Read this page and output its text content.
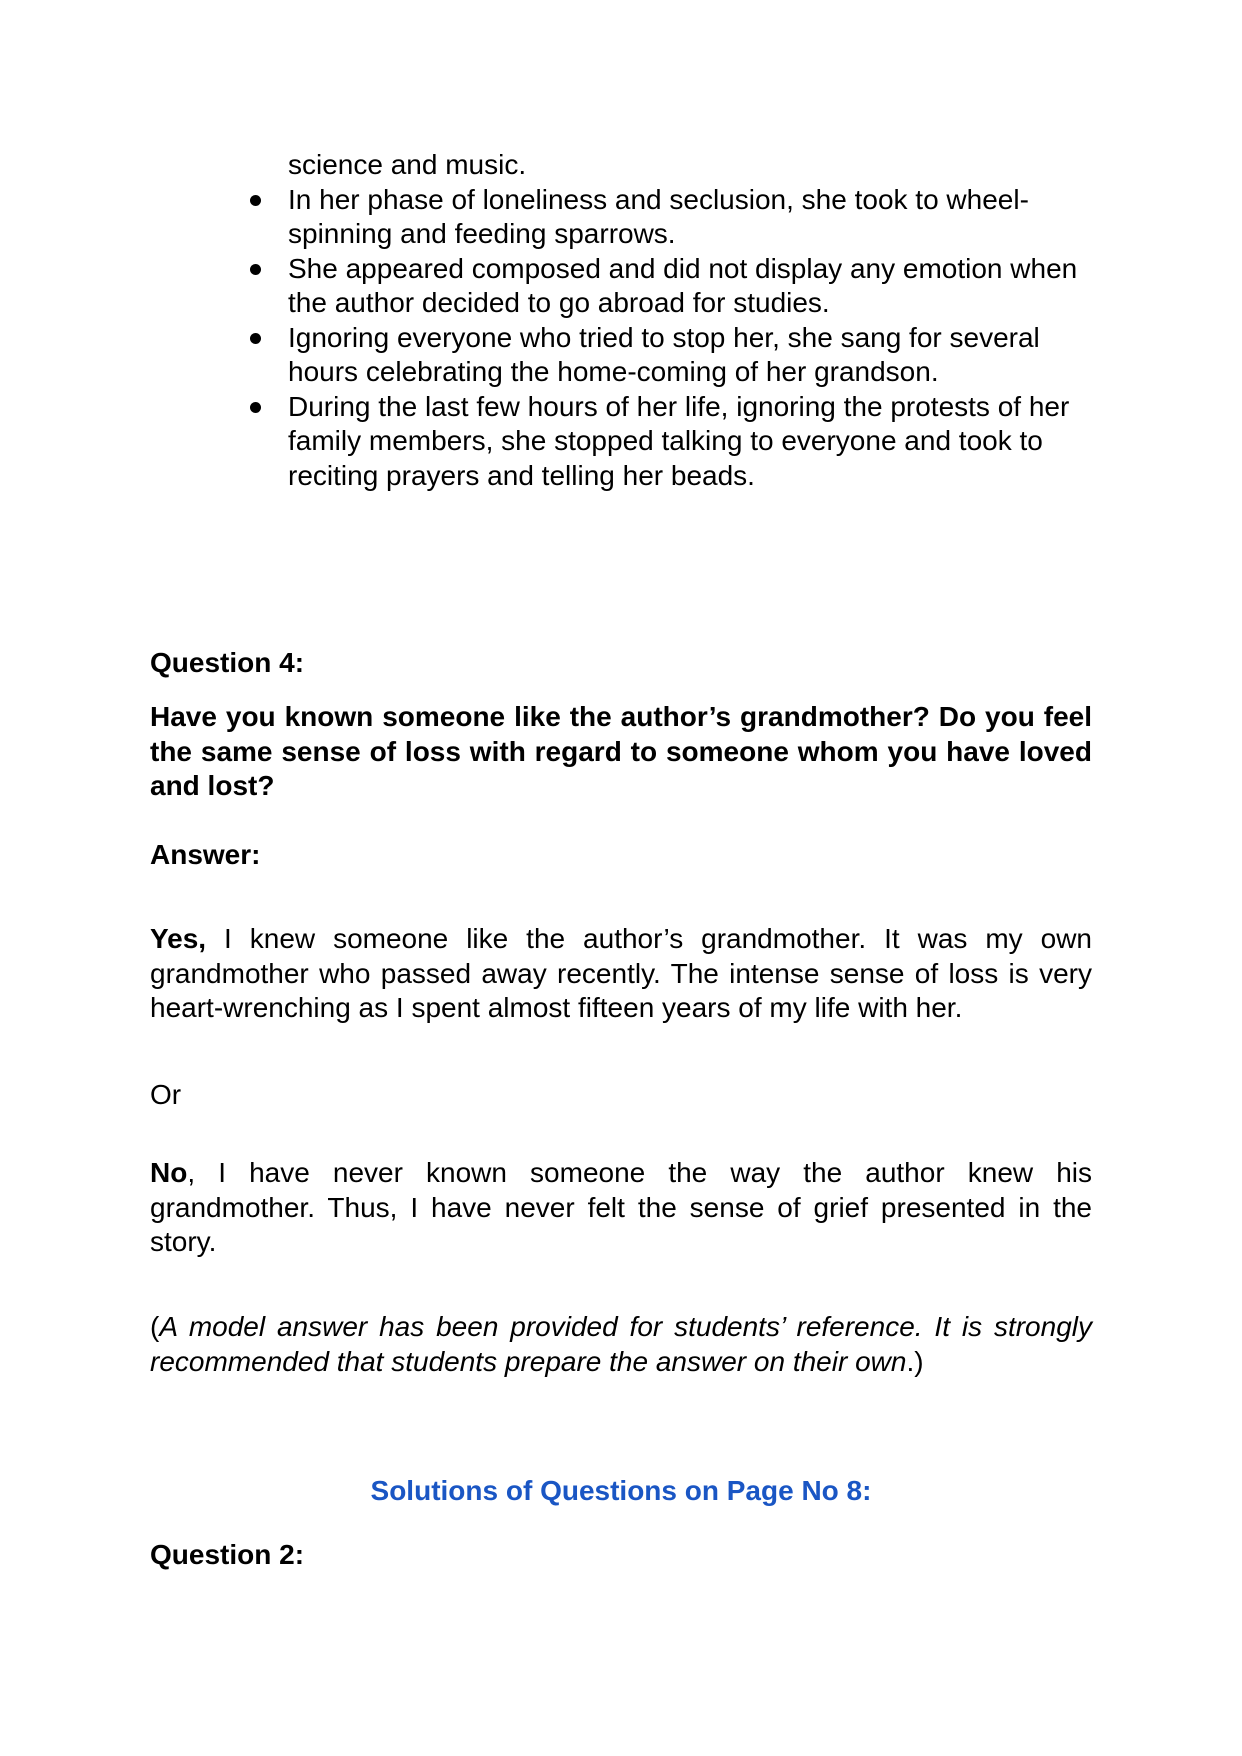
science and music.
In her phase of loneliness and seclusion, she took to wheel-spinning and feeding sparrows.
She appeared composed and did not display any emotion when the author decided to go abroad for studies.
Ignoring everyone who tried to stop her, she sang for several hours celebrating the home-coming of her grandson.
During the last few hours of her life, ignoring the protests of her family members, she stopped talking to everyone and took to reciting prayers and telling her beads.
Question 4:
Have you known someone like the author’s grandmother? Do you feel the same sense of loss with regard to someone whom you have loved and lost?
Answer:
Yes, I knew someone like the author’s grandmother. It was my own grandmother who passed away recently. The intense sense of loss is very heart-wrenching as I spent almost fifteen years of my life with her.
Or
No, I have never known someone the way the author knew his grandmother. Thus, I have never felt the sense of grief presented in the story.
(A model answer has been provided for students’ reference. It is strongly recommended that students prepare the answer on their own.)
Solutions of Questions on Page No 8:
Question 2:
